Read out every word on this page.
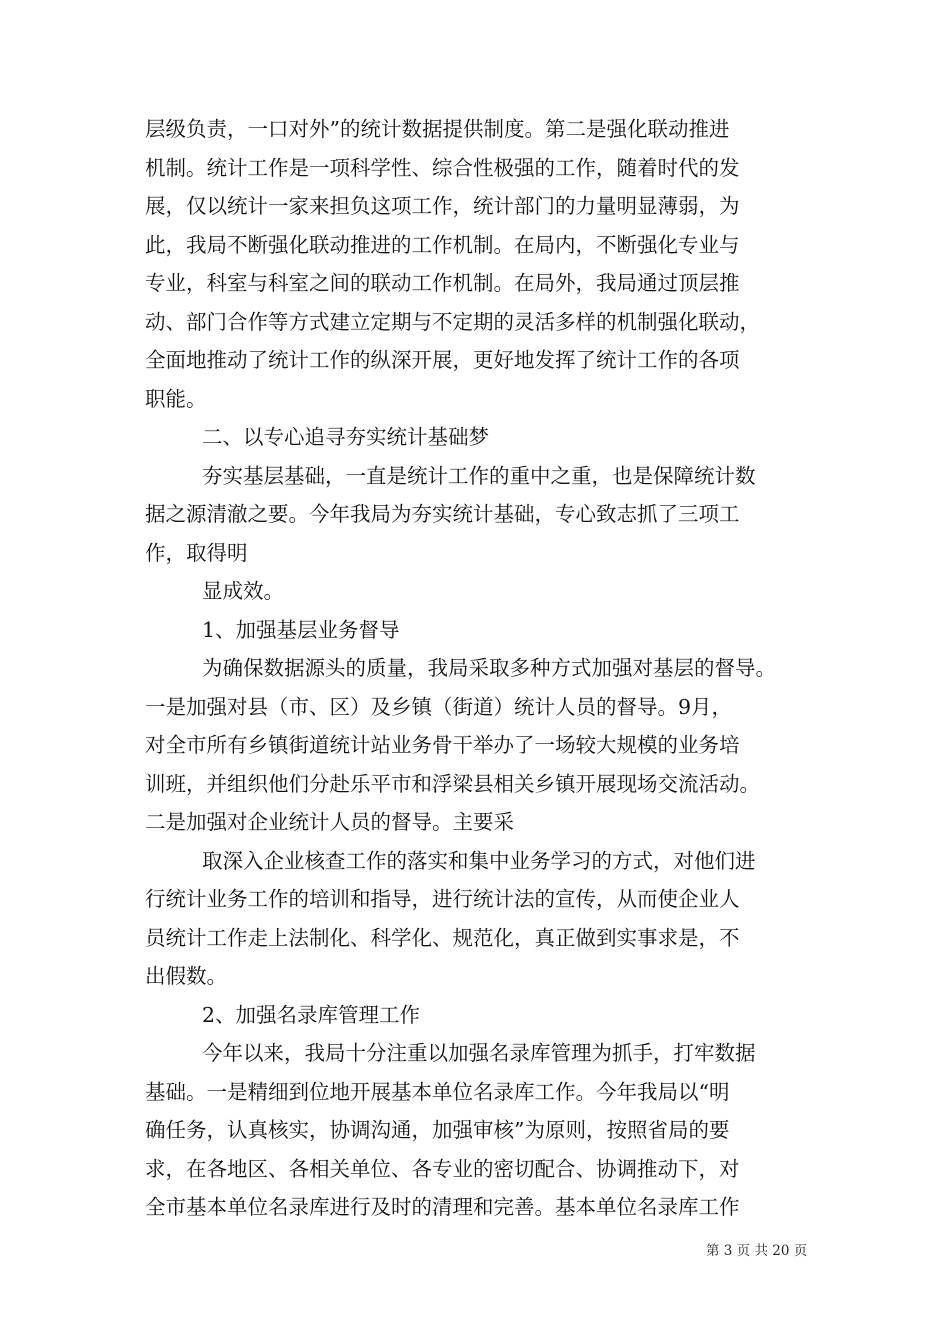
层级负责，一口对外”的统计数据提供制度。第二是强化联动推进
机制。统计工作是一项科学性、综合性极强的工作，随着时代的发
展，仅以统计一家来担负这项工作，统计部门的力量明显薄弱，为
此，我局不断强化联动推进的工作机制。在局内，不断强化专业与
专业，科室与科室之间的联动工作机制。在局外，我局通过顶层推
动、部门合作等方式建立定期与不定期的灵活多样的机制强化联动，
全面地推动了统计工作的纵深开展，更好地发挥了统计工作的各项
职能。
二、以专心追寻夯实统计基础梦
夯实基层基础，一直是统计工作的重中之重，也是保障统计数
据之源清澈之要。今年我局为夯实统计基础，专心致志抓了三项工
作，取得明
显成效。
1、加强基层业务督导
为确保数据源头的质量，我局采取多种方式加强对基层的督导。
一是加强对县（市、区）及乡镇（街道）统计人员的督导。9月，
对全市所有乡镇街道统计站业务骨干举办了一场较大规模的业务培
训班，并组织他们分赴乐平市和浮梁县相关乡镇开展现场交流活动。
二是加强对企业统计人员的督导。主要采
取深入企业核查工作的落实和集中业务学习的方式，对他们进
行统计业务工作的培训和指导，进行统计法的宣传，从而使企业人
员统计工作走上法制化、科学化、规范化，真正做到实事求是，不
出假数。
2、加强名录库管理工作
今年以来，我局十分注重以加强名录库管理为抓手，打牢数据
基础。一是精细到位地开展基本单位名录库工作。今年我局以“明
确任务，认真核实，协调沟通，加强审核”为原则，按照省局的要
求，在各地区、各相关单位、各专业的密切配合、协调推动下，对
全市基本单位名录库进行及时的清理和完善。基本单位名录库工作
第 3 页 共 20 页
